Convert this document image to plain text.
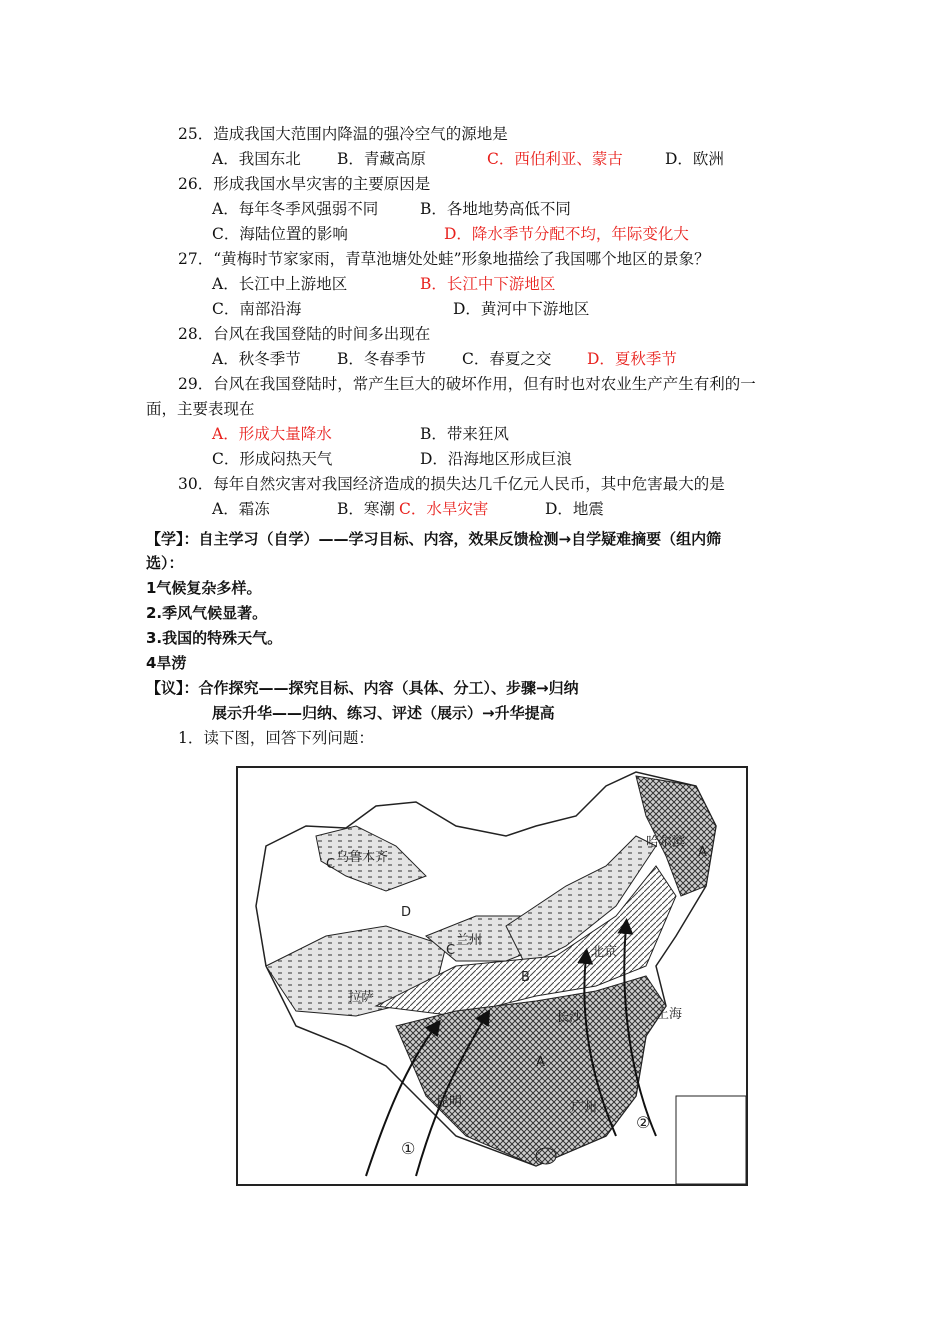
25．造成我国大范围内降温的强冷空气的源地是
A．我国东北 B．青藏高原	C．西伯利亚、蒙古	D．欧洲
26．形成我国水旱灾害的主要原因是
A．每年冬季风强弱不同	B．各地地势高低不同
C．海陆位置的影响	D．降水季节分配不均，年际变化大
27．“黄梅时节家家雨，青草池塘处处蛙”形象地描绘了我国哪个地区的景象？
A．长江中上游地区	B．长江中下游地区
C．南部沿海	D．黄河中下游地区
28．台风在我国登陆的时间多出现在
A．秋冬季节 B．冬春季节 C．春夏之交 D．夏秋季节
29．台风在我国登陆时，常产生巨大的破坏作用，但有时也对农业生产产生有利的一
面，主要表现在
A．形成大量降水	B．带来狂风
C．形成闷热天气	D．沿海地区形成巨浪
30．每年自然灾害对我国经济造成的损失达几千亿元人民币，其中危害最大的是
A．霜冻	B．寒潮 C．水旱灾害	D．地震
【学】：自主学习（自学）——学习目标、内容，效果反馈检测→自学疑难摘要（组内筛
选）：
1气候复杂多样。
2.季风气候显著。
3.我国的特殊天气。
4旱涝
【议】：合作探究——探究目标、内容（具体、分工）、步骤→归纳
展示升华——归纳、练习、评述（展示）→升华提高
1．读下图，回答下列问题：
乌鲁木齐
兰州
北京
哈尔滨
上海
拉萨
长沙
昆明	广州
A
B
C
D
C
A
①
②
